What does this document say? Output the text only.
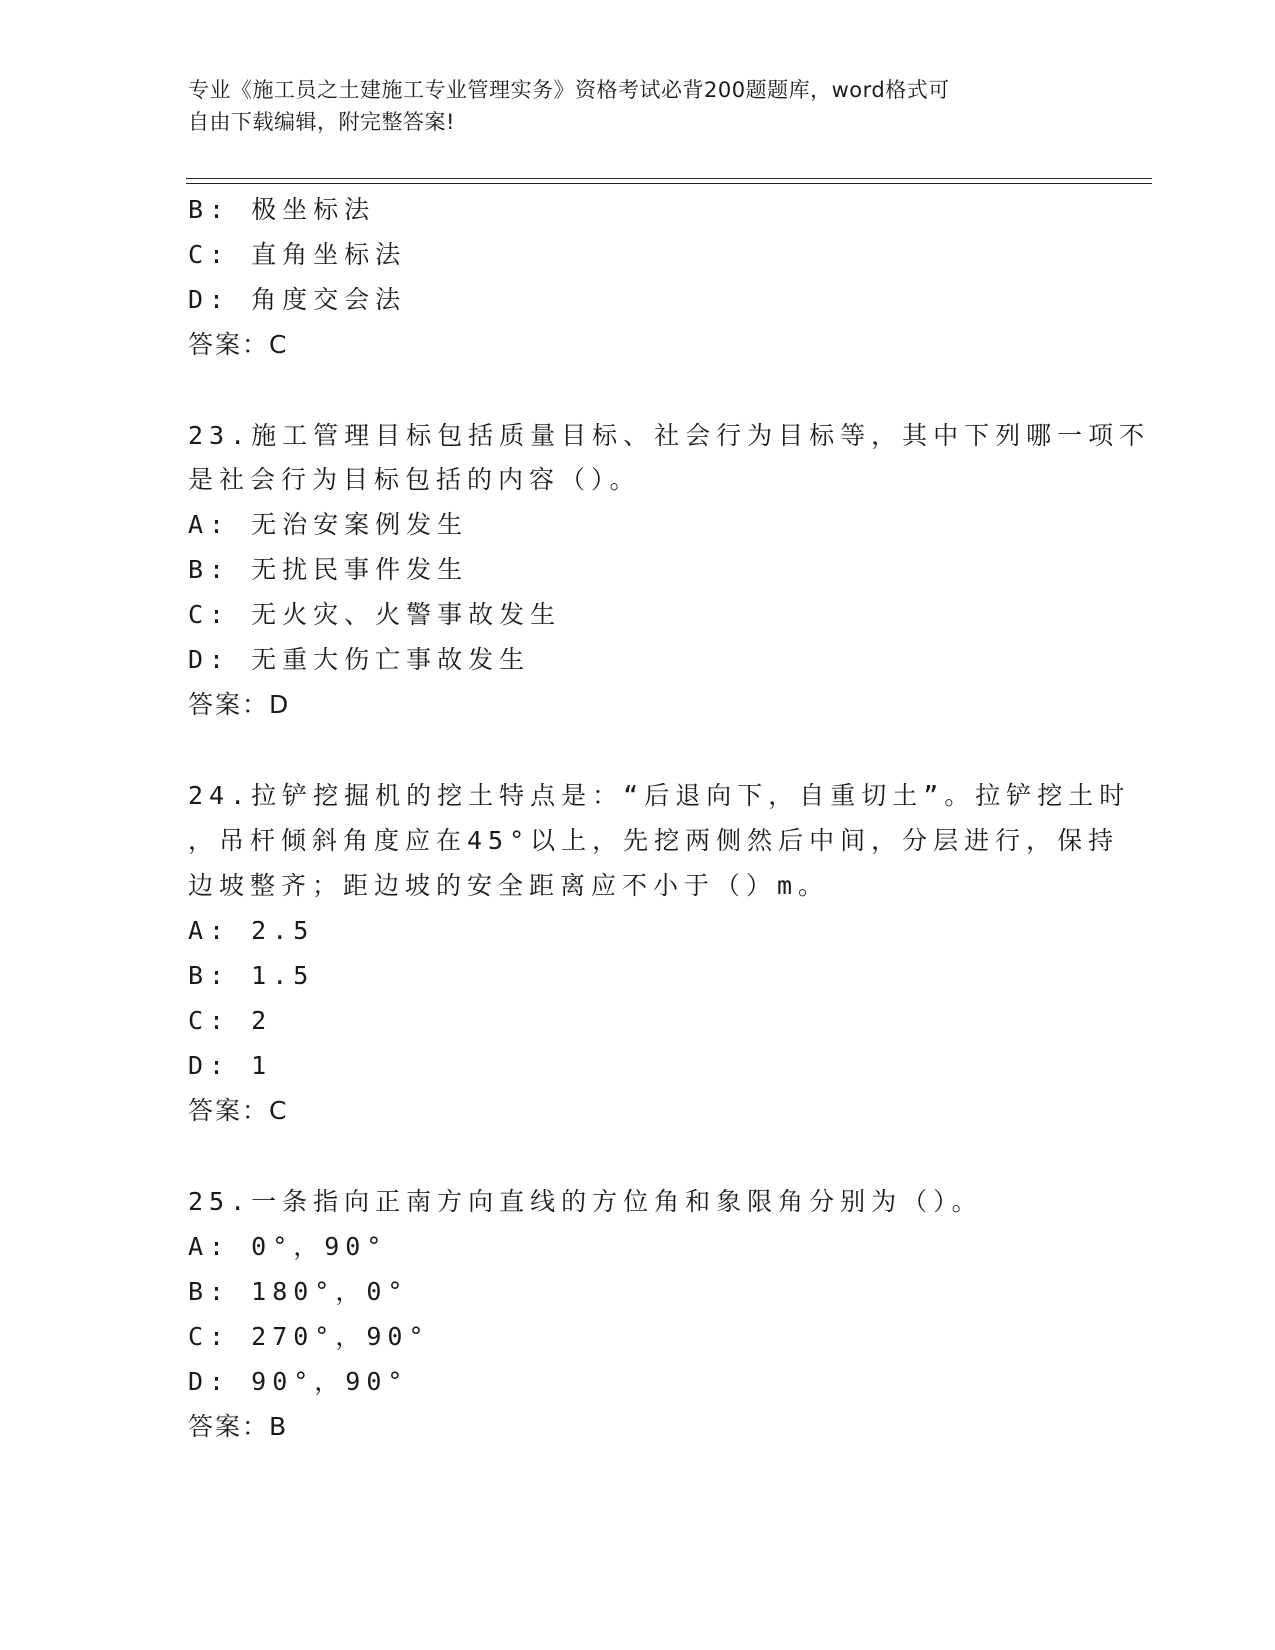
专业《施工员之土建施工专业管理实务》资格考试必背200题题库，word格式可
自由下载编辑，附完整答案!
B: 极坐标法
C: 直角坐标法
D: 角度交会法
答案：C
23.施工管理目标包括质量目标、社会行为目标等，其中下列哪一项不
是社会行为目标包括的内容（）。
A: 无治安案例发生
B: 无扰民事件发生
C: 无火灾、火警事故发生
D: 无重大伤亡事故发生
答案：D
24.拉铲挖掘机的挖土特点是：“后退向下，自重切土”。拉铲挖土时
，吊杆倾斜角度应在45°以上，先挖两侧然后中间，分层进行，保持
边坡整齐；距边坡的安全距离应不小于（）m。
A: 2.5
B: 1.5
C: 2
D: 1
答案：C
25.一条指向正南方向直线的方位角和象限角分别为（）。
A: 0°，90°
B: 180°，0°
C: 270°，90°
D: 90°，90°
答案：B
